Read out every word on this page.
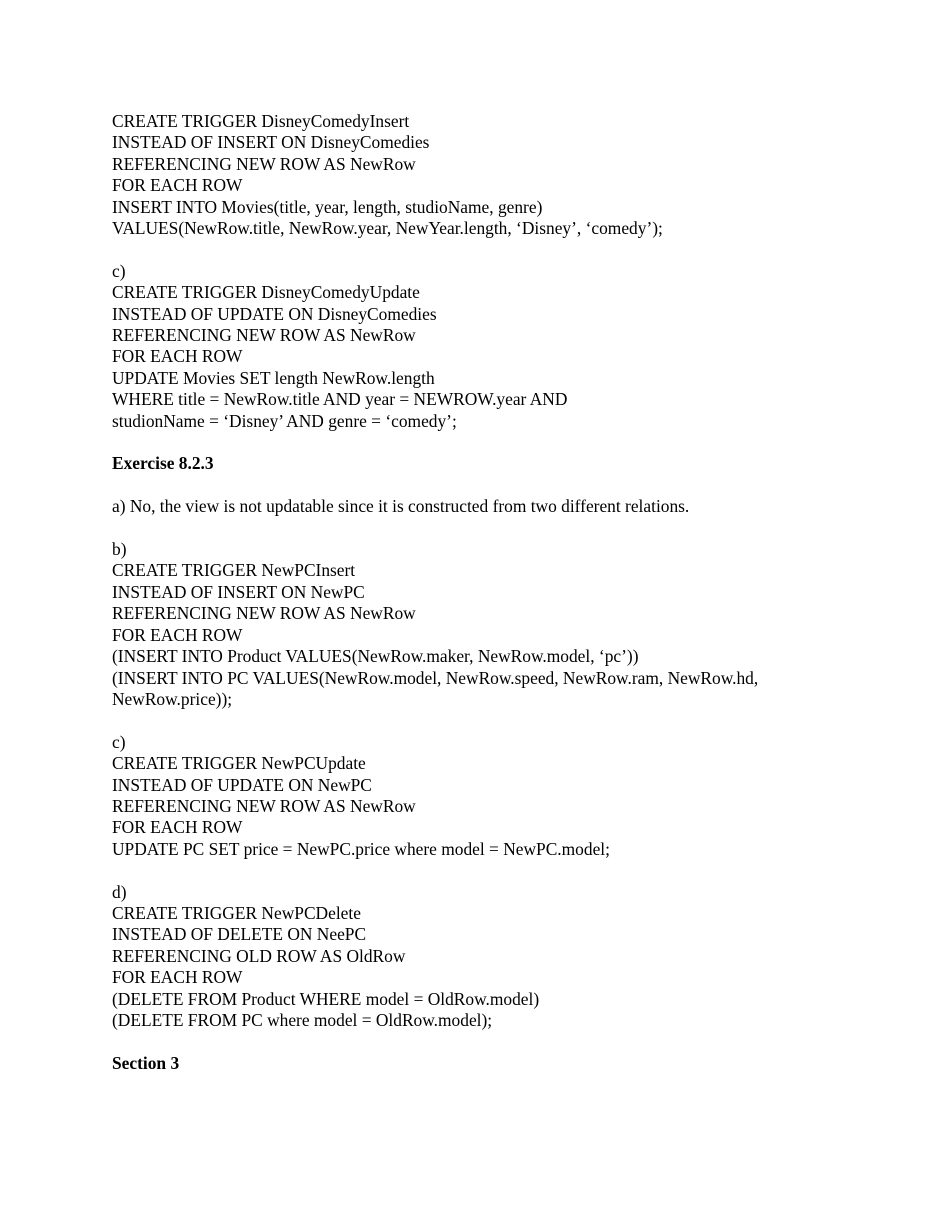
CREATE TRIGGER DisneyComedyInsert

INSTEAD OF INSERT ON DisneyComedies

REFERENCING NEW ROW AS NewRow

FOR EACH ROW

INSERT INTO Movies(title, year, length, studioName, genre)

VALUES(NewRow.title, NewRow.year, NewYear.length, ‘Disney’, ‘comedy’);

c)

CREATE TRIGGER DisneyComedyUpdate

INSTEAD OF UPDATE ON DisneyComedies

REFERENCING NEW ROW AS NewRow

FOR EACH ROW

UPDATE Movies SET length NewRow.length

WHERE title = NewRow.title AND year = NEWROW.year AND

studionName = ‘Disney’ AND genre = ‘comedy’;

Exercise 8.2.3

a) No, the view is not updatable since it is constructed from two different relations.

b)

CREATE TRIGGER NewPCInsert

INSTEAD OF INSERT ON NewPC

REFERENCING NEW ROW AS NewRow

FOR EACH ROW

(INSERT INTO Product VALUES(NewRow.maker, NewRow.model, ‘pc’))

(INSERT INTO PC VALUES(NewRow.model, NewRow.speed, NewRow.ram, NewRow.hd,

NewRow.price));

c)

CREATE TRIGGER NewPCUpdate

INSTEAD OF UPDATE ON NewPC

REFERENCING NEW ROW AS NewRow

FOR EACH ROW

UPDATE PC SET price = NewPC.price where model = NewPC.model;

d)

CREATE TRIGGER NewPCDelete

INSTEAD OF DELETE ON NeePC

REFERENCING OLD ROW AS OldRow

FOR EACH ROW

(DELETE FROM Product WHERE model = OldRow.model)

(DELETE FROM PC where model = OldRow.model);

Section 3
